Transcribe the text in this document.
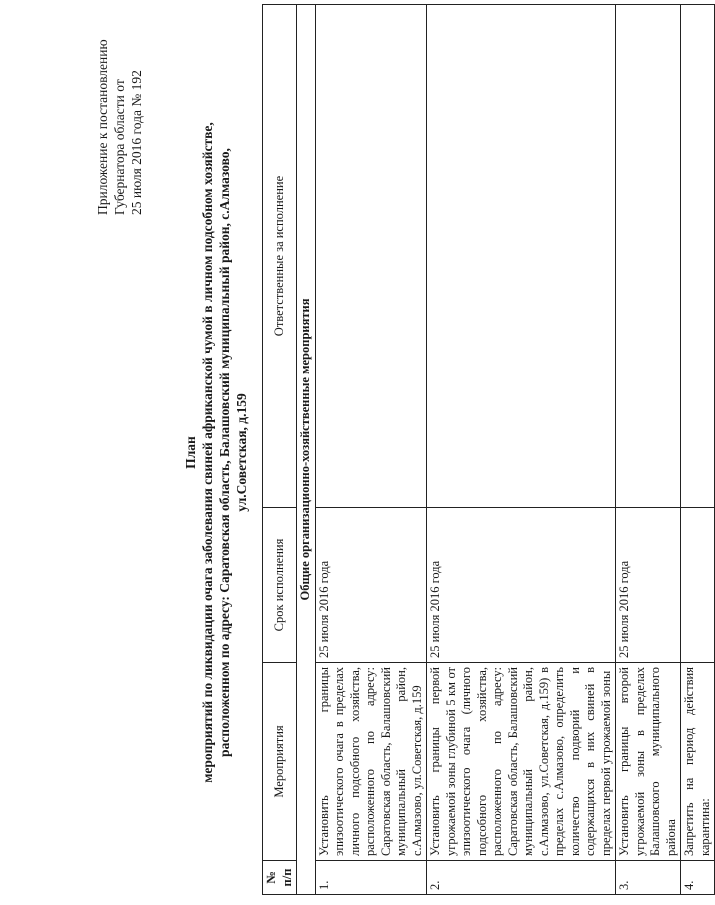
Приложение к постановлению Губернатора области от 25 июля 2016 года № 192
План мероприятий по ликвидации очага заболевания свиней африканской чумой в личном подсобном хозяйстве, расположенном по адресу: Саратовская область, Балашовский муниципальный район, с.Алмазово, ул.Советская, д.159
№ п/п	Мероприятия	Срок исполнения	Ответственные за исполнение
Общие организационно-хозяйственные мероприятия			
1.	Установить границы эпизоотического очага в пределах личного подсобного хозяйства, расположенного по адресу: Саратовская область, Балашовский муниципальный район, с.Алмазово, ул.Советская, д.159	25 июля 2016 года	
2.	Установить границы первой угрожаемой зоны глубиной 5 км от эпизоотического очага (личного подсобного хозяйства, расположенного по адресу: Саратовская область, Балашовский муниципальный район, с.Алмазово, ул.Советская, д.159) в пределах с.Алмазово, определить количество подворий и содержащихся в них свиней в пределах первой угрожаемой зоны	25 июля 2016 года	
3.	Установить границы второй угрожаемой зоны в пределах Балашовского муниципального района	25 июля 2016 года	
4.	Запретить на период действия карантина:		
